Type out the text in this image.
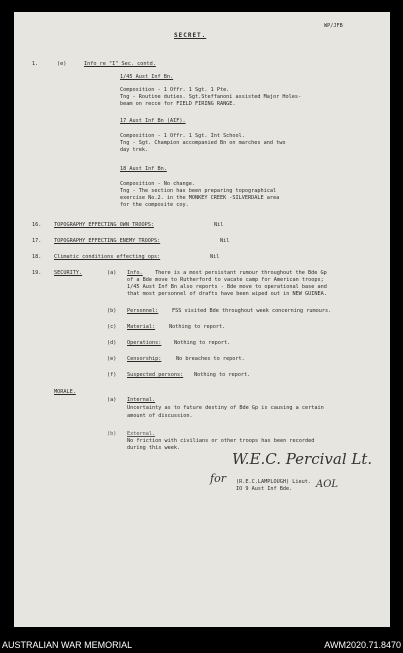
WP/JFB
SECRET.
1.	(e)	Info re "I" Sec. contd.
1/45 Aust Inf Bn.
Composition - 1 Offr. 1 Sgt. 1 Pte.
Tng - Routine duties. Sgt.Steffanoni assisted Major Holes-
beam on recce for FIELD FIRING RANGE.
17 Aust Inf Bn (AIF).
Composition - 1 Offr. 1 Sgt. Int School.
Tng - Sgt. Champion accompanied Bn on marches and two
day trek.
18 Aust Inf Bn.
Composition - No change.
Tng - The section has been preparing topographical
exercise No.2. in the MONKEY CREEK -SILVERDALE area
for the composite coy.
16. TOPOGRAPHY EFFECTING OWN TROOPS:	Nil
17. TOPOGRAPHY EFFECTING ENEMY TROOPS:	Nil
18. Climatic conditions effecting ops:	Nil
19. SECURITY.	(a) Info. There is a most persistant rumour throughout the Bde Gp
of a Bde move to Rutherford to vacate camp for American troops;
1/45 Aust Inf Bn also reports - Bde move to operational base and
that most personnel of drafts have been wiped out in NEW GUINEA.
(b) Personnel:	FSS visited Bde throughout week concerning rumours.
(c) Material:	Nothing to report.
(d) Operations: Nothing to report.
(e) Censorship:	No breaches to report.
(f) Suspected persons: Nothing to report.
MORALE.
(a) Internal.
Uncertainty as to future destiny of Bde Gp is causing a certain
amount of discussion.
(b) External.
No friction with civilians or other troops has been recorded
during this week.
W.E.C. Percival Lt.
for (R.E.C.LAMPLOUGH) Lieut.
IO 9 Aust Inf Bde. AOL
AUSTRALIAN WAR MEMORIAL	AWM2020.71.8470
